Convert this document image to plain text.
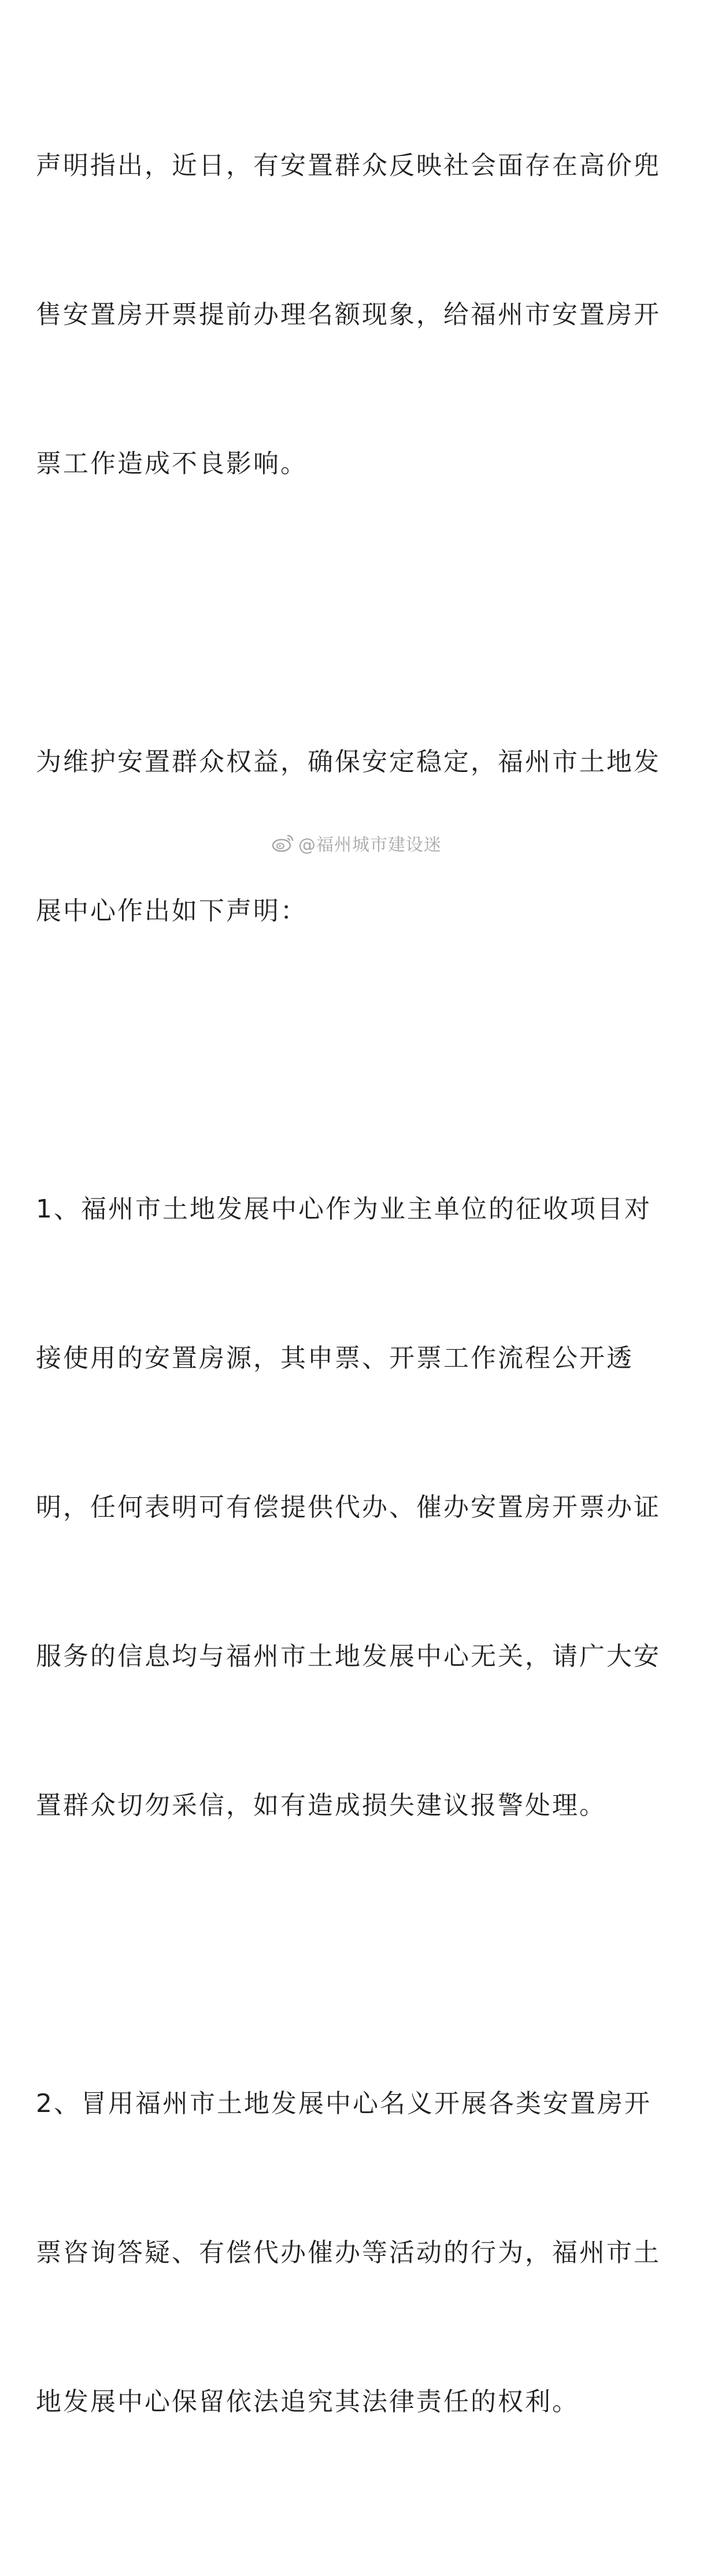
声明指出，近日，有安置群众反映社会面存在高价兜

售安置房开票提前办理名额现象，给福州市安置房开

票工作造成不良影响。

为维护安置群众权益，确保安定稳定，福州市土地发

展中心作出如下声明：

1、福州市土地发展中心作为业主单位的征收项目对

接使用的安置房源，其申票、开票工作流程公开透

明，任何表明可有偿提供代办、催办安置房开票办证

服务的信息均与福州市土地发展中心无关，请广大安

置群众切勿采信，如有造成损失建议报警处理。

2、冒用福州市土地发展中心名义开展各类安置房开

票咨询答疑、有偿代办催办等活动的行为，福州市土

地发展中心保留依法追究其法律责任的权利。

@福州城市建设迷
